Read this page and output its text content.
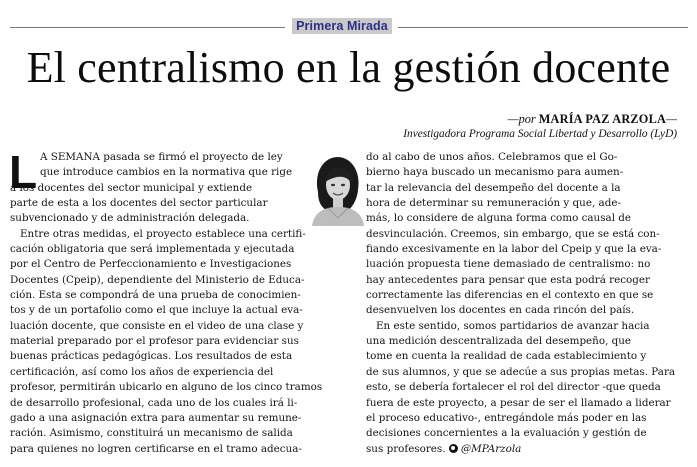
Primera Mirada
El centralismo en la gestión docente
—por MARÍA PAZ ARZOLA—
Investigadora Programa Social Libertad y Desarrollo (LyD)
L A SEMANA pasada se firmó el proyecto de ley
que introduce cambios en la normativa que rige
a los docentes del sector municipal y extiende
parte de esta a los docentes del sector particular
subvencionado y de administración delegada.
Entre otras medidas, el proyecto establece una certifi-
cación obligatoria que será implementada y ejecutada
por el Centro de Perfeccionamiento e Investigaciones
Docentes (Cpeip), dependiente del Ministerio de Educa-
ción. Esta se compondrá de una prueba de conocimien-
tos y de un portafolio como el que incluye la actual eva-
luación docente, que consiste en el video de una clase y
material preparado por el profesor para evidenciar sus
buenas prácticas pedagógicas. Los resultados de esta
certificación, así como los años de experiencia del
profesor, permitirán ubicarlo en alguno de los cinco tramos
de desarrollo profesional, cada uno de los cuales irá li-
gado a una asignación extra para aumentar su remune-
ración. Asimismo, constituirá un mecanismo de salida
para quienes no logren certificarse en el tramo adecua-
do al cabo de unos años. Celebramos que el Go-
bierno haya buscado un mecanismo para aumen-
tar la relevancia del desempeño del docente a la
hora de determinar su remuneración y que, ade-
más, lo considere de alguna forma como causal de
desvinculación. Creemos, sin embargo, que se está con-
fiando excesivamente en la labor del Cpeip y que la eva-
luación propuesta tiene demasiado de centralismo: no
hay antecedentes para pensar que esta podrá recoger
correctamente las diferencias en el contexto en que se
desenvuelven los docentes en cada rincón del país.
En este sentido, somos partidarios de avanzar hacia
una medición descentralizada del desempeño, que
tome en cuenta la realidad de cada establecimiento y
de sus alumnos, y que se adecúe a sus propias metas. Para
esto, se debería fortalecer el rol del director -que queda
fuera de este proyecto, a pesar de ser el llamado a liderar
el proceso educativo-, entregándole más poder en las
decisiones concernientes a la evaluación y gestión de
sus profesores. @MPArzola
